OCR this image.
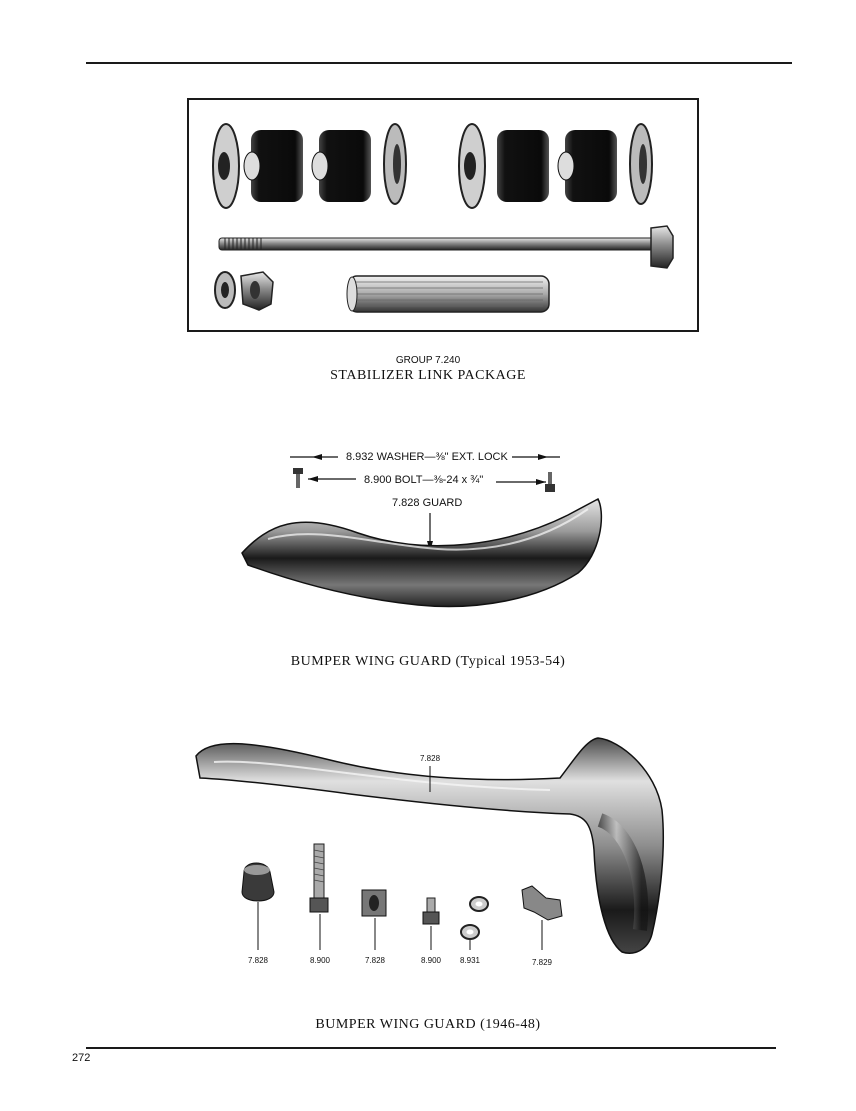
GROUP 7.240
STABILIZER LINK PACKAGE
8.932 WASHER—⅜" EXT. LOCK
8.900 BOLT—⅜-24 x ¾"
7.828 GUARD
BUMPER WING GUARD (Typical 1953-54)
7.828
7.828	8.900	7.828	8.900	8.931	7.829
BUMPER WING GUARD (1946-48)
272
